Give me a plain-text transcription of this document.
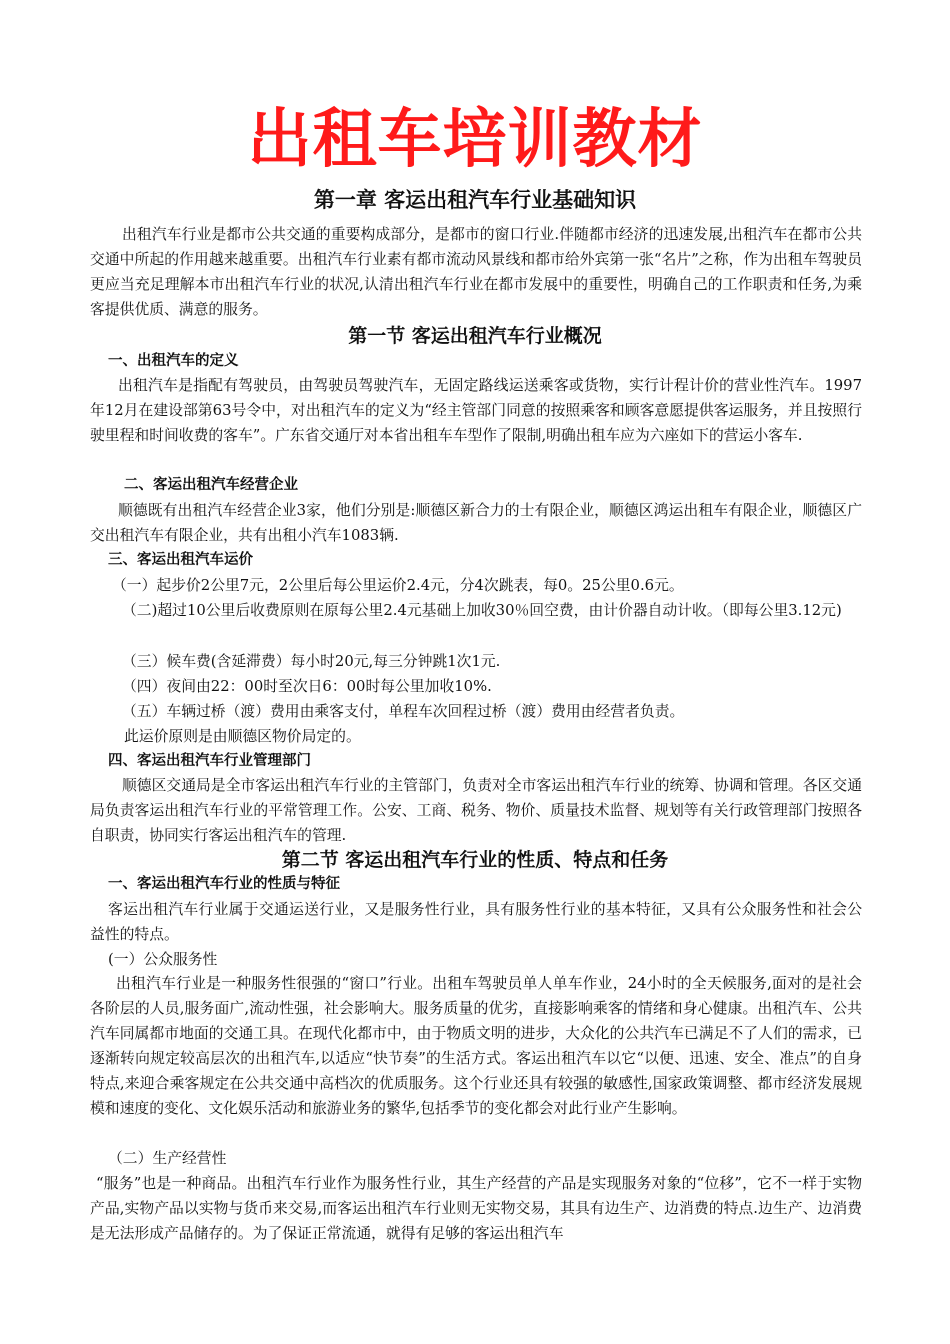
出租车培训教材
第一章 客运出租汽车行业基础知识
出租汽车行业是都市公共交通的重要构成部分，是都市的窗口行业.伴随都市经济的迅速发展,出租汽车在都市公共交通中所起的作用越来越重要。出租汽车行业素有都市流动风景线和都市给外宾第一张“名片”之称，作为出租车驾驶员更应当充足理解本市出租汽车行业的状况,认清出租汽车行业在都市发展中的重要性，明确自己的工作职责和任务,为乘客提供优质、满意的服务。
第一节 客运出租汽车行业概况
一、出租汽车的定义
出租汽车是指配有驾驶员，由驾驶员驾驶汽车，无固定路线运送乘客或货物，实行计程计价的营业性汽车。1997年12月在建设部第63号令中，对出租汽车的定义为“经主管部门同意的按照乘客和顾客意愿提供客运服务，并且按照行驶里程和时间收费的客车”。广东省交通厅对本省出租车车型作了限制,明确出租车应为六座如下的营运小客车.
二、客运出租汽车经营企业
顺德既有出租汽车经营企业3家，他们分别是:顺德区新合力的士有限企业，顺德区鸿运出租车有限企业，顺德区广交出租汽车有限企业，共有出租小汽车1083辆.
三、客运出租汽车运价
（一）起步价2公里7元，2公里后每公里运价2.4元，分4次跳表，每0。25公里0.6元。
（二)超过10公里后收费原则在原每公里2.4元基础上加收30％回空费，由计价器自动计收。（即每公里3.12元)
（三）候车费(含延滞费）每小时20元,每三分钟跳1次1元.
（四）夜间由22：00时至次日6：00时每公里加收10%.
（五）车辆过桥（渡）费用由乘客支付，单程车次回程过桥（渡）费用由经营者负责。
此运价原则是由顺德区物价局定的。
四、客运出租汽车行业管理部门
顺德区交通局是全市客运出租汽车行业的主管部门，负责对全市客运出租汽车行业的统筹、协调和管理。各区交通局负责客运出租汽车行业的平常管理工作。公安、工商、税务、物价、质量技术监督、规划等有关行政管理部门按照各自职责，协同实行客运出租汽车的管理.
第二节 客运出租汽车行业的性质、特点和任务
一、客运出租汽车行业的性质与特征
客运出租汽车行业属于交通运送行业，又是服务性行业，具有服务性行业的基本特征，又具有公众服务性和社会公益性的特点。
(一）公众服务性
出租汽车行业是一种服务性很强的“窗口”行业。出租车驾驶员单人单车作业，24小时的全天候服务,面对的是社会各阶层的人员,服务面广,流动性强，社会影响大。服务质量的优劣，直接影响乘客的情绪和身心健康。出租汽车、公共汽车同属都市地面的交通工具。在现代化都市中，由于物质文明的进步，大众化的公共汽车已满足不了人们的需求，已逐渐转向规定较高层次的出租汽车,以适应“快节奏”的生活方式。客运出租汽车以它“以便、迅速、安全、准点”的自身特点,来迎合乘客规定在公共交通中高档次的优质服务。这个行业还具有较强的敏感性,国家政策调整、都市经济发展规模和速度的变化、文化娱乐活动和旅游业务的繁华,包括季节的变化都会对此行业产生影响。
（二）生产经营性
“服务”也是一种商品。出租汽车行业作为服务性行业，其生产经营的产品是实现服务对象的“位移”，它不一样于实物产品,实物产品以实物与货币来交易,而客运出租汽车行业则无实物交易，其具有边生产、边消费的特点.边生产、边消费是无法形成产品储存的。为了保证正常流通，就得有足够的客运出租汽车
